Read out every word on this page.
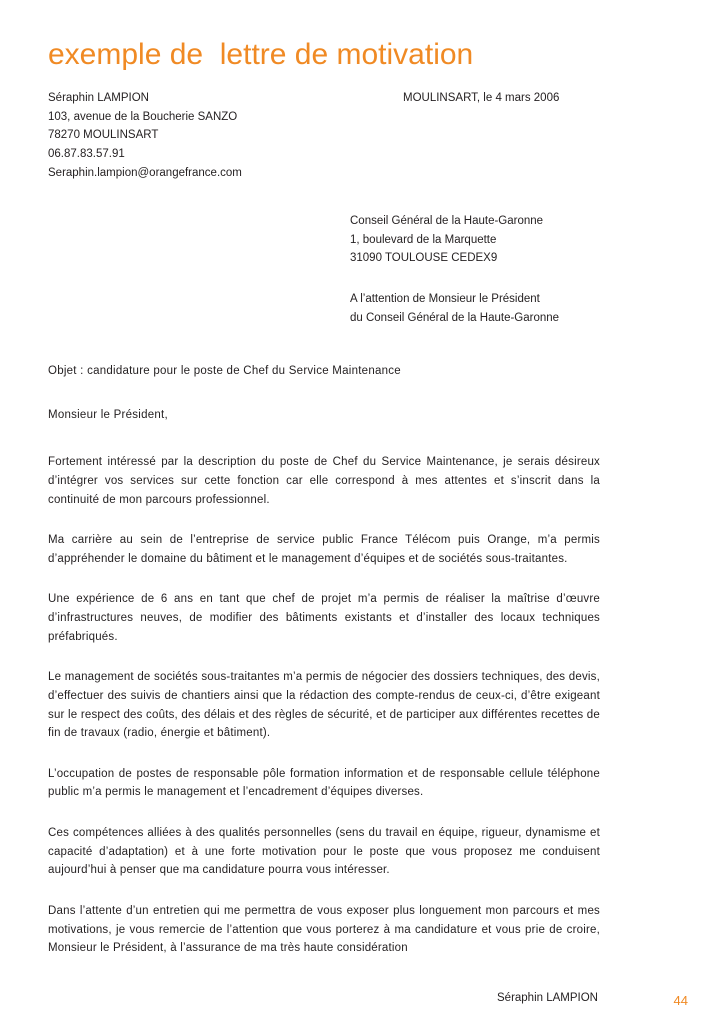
exemple de  lettre de motivation
Séraphin LAMPION
103, avenue de la Boucherie SANZO
78270 MOULINSART
06.87.83.57.91
Seraphin.lampion@orangefrance.com
MOULINSART, le 4 mars 2006
Conseil Général de la Haute-Garonne
1, boulevard de la Marquette
31090 TOULOUSE CEDEX9
A l’attention de Monsieur le Président
du Conseil Général de la Haute-Garonne
Objet : candidature pour le poste de Chef du Service Maintenance
Monsieur le Président,

Fortement intéressé par la description du poste de Chef du Service Maintenance, je serais désireux d’intégrer vos services sur cette fonction car elle correspond à mes attentes et s’inscrit dans la continuité de mon parcours professionnel.

Ma carrière au sein de l’entreprise de service public France Télécom puis Orange, m’a permis d’appréhender le domaine du bâtiment et le management d’équipes et de sociétés sous-traitantes.

Une expérience de 6 ans en tant que chef de projet m’a permis de réaliser la maîtrise d’œuvre d’infrastructures neuves, de modifier des bâtiments existants et d’installer des locaux techniques préfabriqués.

Le management de sociétés sous-traitantes m’a permis de négocier des dossiers techniques, des devis, d’effectuer des suivis de chantiers ainsi que la rédaction des compte-rendus de ceux-ci, d’être exigeant sur le respect des coûts, des délais et des règles de sécurité, et de participer aux différentes recettes de fin de travaux (radio, énergie et bâtiment).

L’occupation de postes de responsable pôle formation information et de responsable cellule téléphone public m’a permis le management et l’encadrement d’équipes diverses.

Ces compétences alliées à des qualités personnelles (sens du travail en équipe, rigueur, dynamisme et capacité d’adaptation) et à une forte motivation pour le poste que vous proposez me conduisent aujourd’hui à penser que ma candidature pourra vous intéresser.

Dans l’attente d’un entretien qui me permettra de vous exposer plus longuement mon parcours et mes motivations, je vous remercie de l’attention que vous porterez à ma candidature et vous prie de croire, Monsieur le Président, à l’assurance de ma très haute considération

Séraphin LAMPION	44
